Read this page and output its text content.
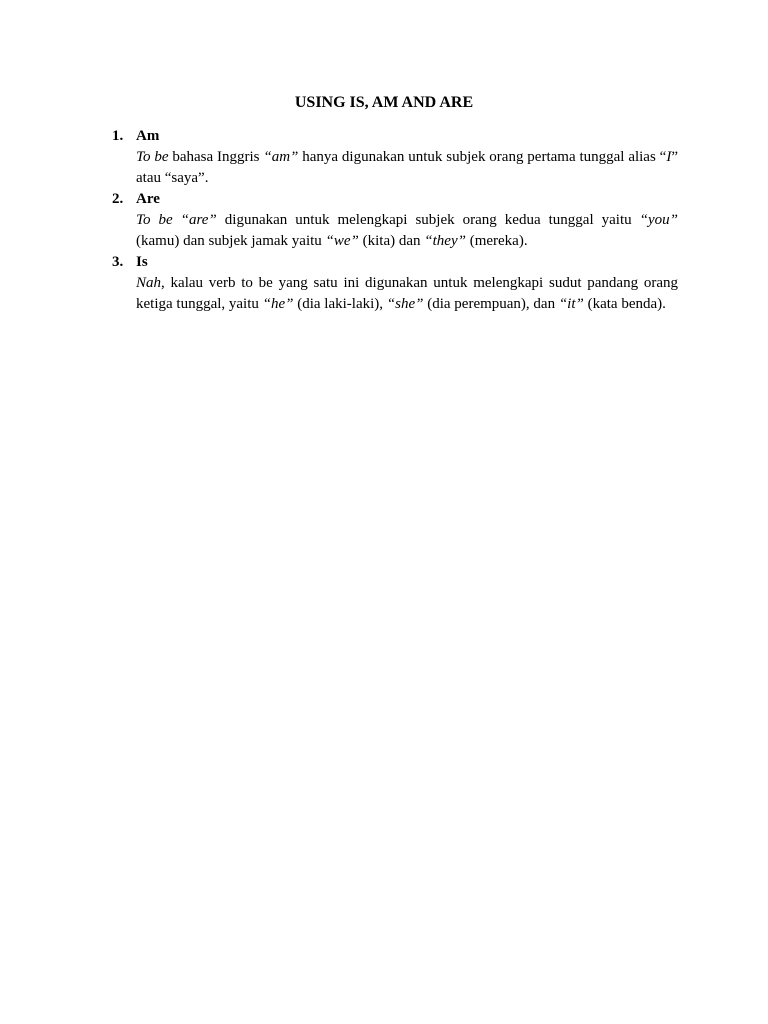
USING IS, AM AND ARE
1. Am

To be bahasa Inggris “am” hanya digunakan untuk subjek orang pertama tunggal alias “I” atau “saya”.

2. Are

To be “are” digunakan untuk melengkapi subjek orang kedua tunggal yaitu “you” (kamu) dan subjek jamak yaitu “we” (kita) dan “they” (mereka).

3. Is

Nah, kalau verb to be yang satu ini digunakan untuk melengkapi sudut pandang orang ketiga tunggal, yaitu “he” (dia laki-laki), “she” (dia perempuan), dan “it” (kata benda).
